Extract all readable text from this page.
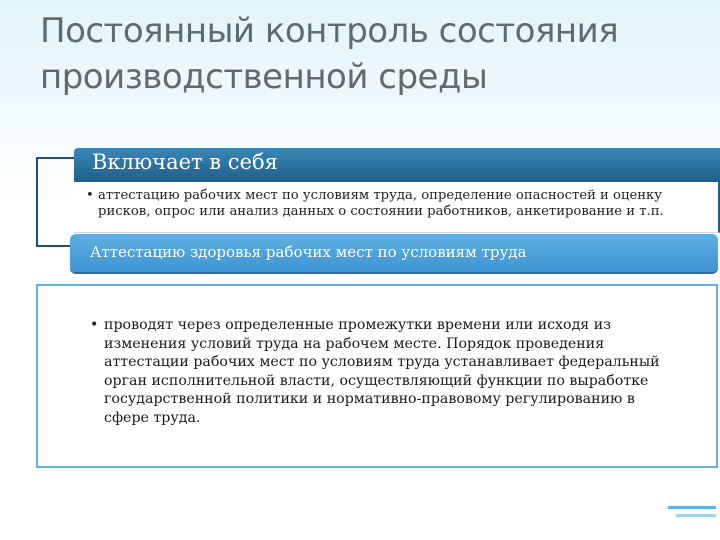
Постоянный контроль состояния производственной среды
Включает в себя
• аттестацию рабочих мест по условиям труда, определение опасностей и оценку рисков, опрос или анализ данных о состоянии работников, анкетирование и т.п.
Аттестацию здоровья рабочих мест по условиям труда
• проводят через определенные промежутки времени или исходя из изменения условий труда на рабочем месте. Порядок проведения аттестации рабочих мест по условиям труда устанавливает федеральный орган исполнительной власти, осуществляющий функции по выработке государственной политики и нормативно-правовому регулированию в сфере труда.
